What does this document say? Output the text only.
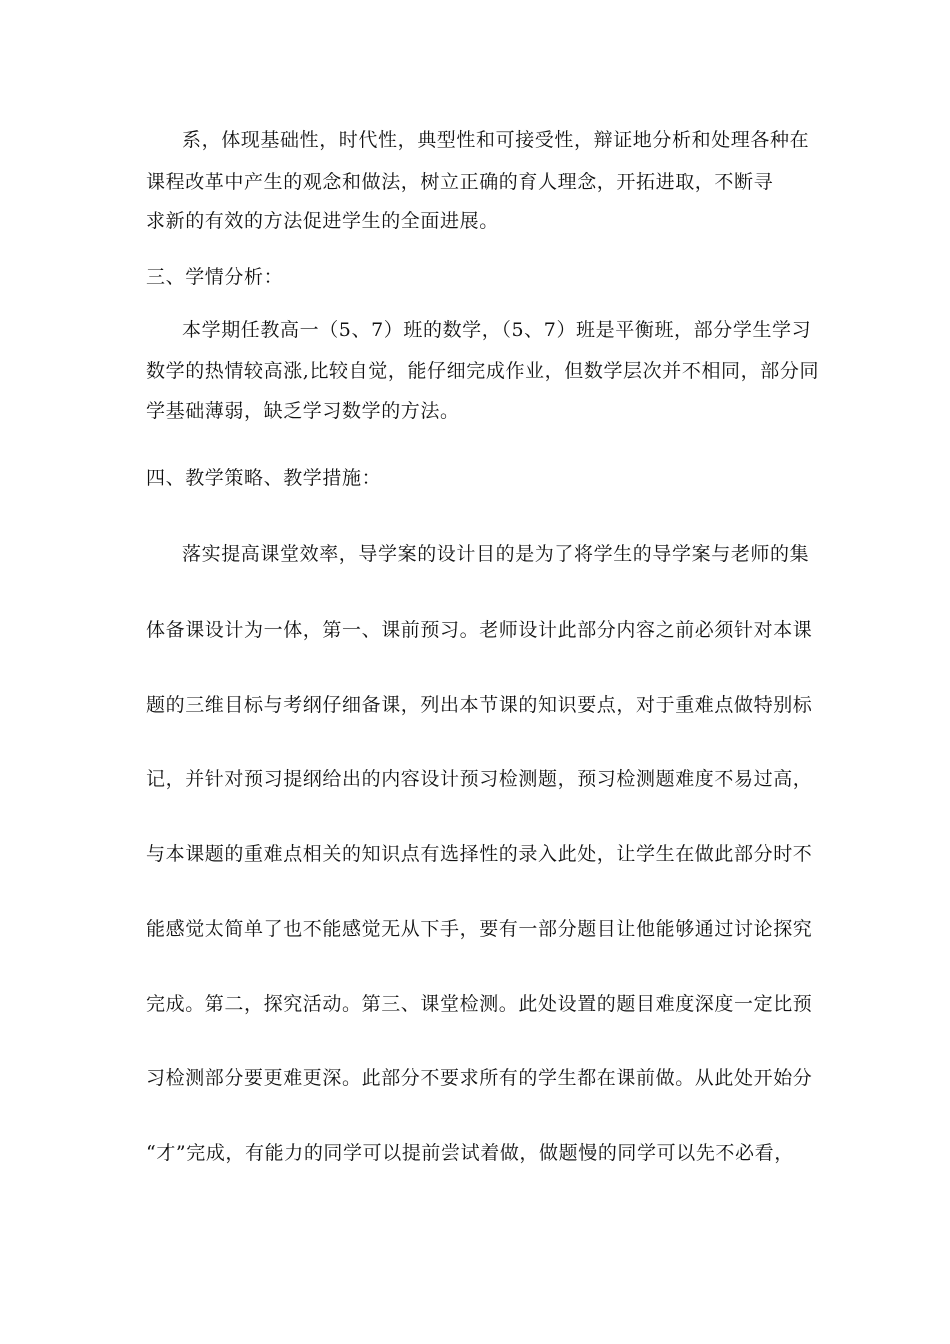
系，体现基础性，时代性，典型性和可接受性，辩证地分析和处理各种在
课程改革中产生的观念和做法，树立正确的育人理念，开拓进取，不断寻
求新的有效的方法促进学生的全面进展。
三、学情分析：
本学期任教高一（5、7）班的数学，（5、7）班是平衡班，部分学生学习
数学的热情较高涨,比较自觉，能仔细完成作业，但数学层次并不相同，部分同
学基础薄弱，缺乏学习数学的方法。
四、教学策略、教学措施：
落实提高课堂效率，导学案的设计目的是为了将学生的导学案与老师的集
体备课设计为一体，第一、课前预习。老师设计此部分内容之前必须针对本课
题的三维目标与考纲仔细备课，列出本节课的知识要点，对于重难点做特别标
记，并针对预习提纲给出的内容设计预习检测题，预习检测题难度不易过高，
与本课题的重难点相关的知识点有选择性的录入此处，让学生在做此部分时不
能感觉太简单了也不能感觉无从下手，要有一部分题目让他能够通过讨论探究
完成。第二，探究活动。第三、课堂检测。此处设置的题目难度深度一定比预
习检测部分要更难更深。此部分不要求所有的学生都在课前做。从此处开始分
“才”完成，有能力的同学可以提前尝试着做，做题慢的同学可以先不必看，
